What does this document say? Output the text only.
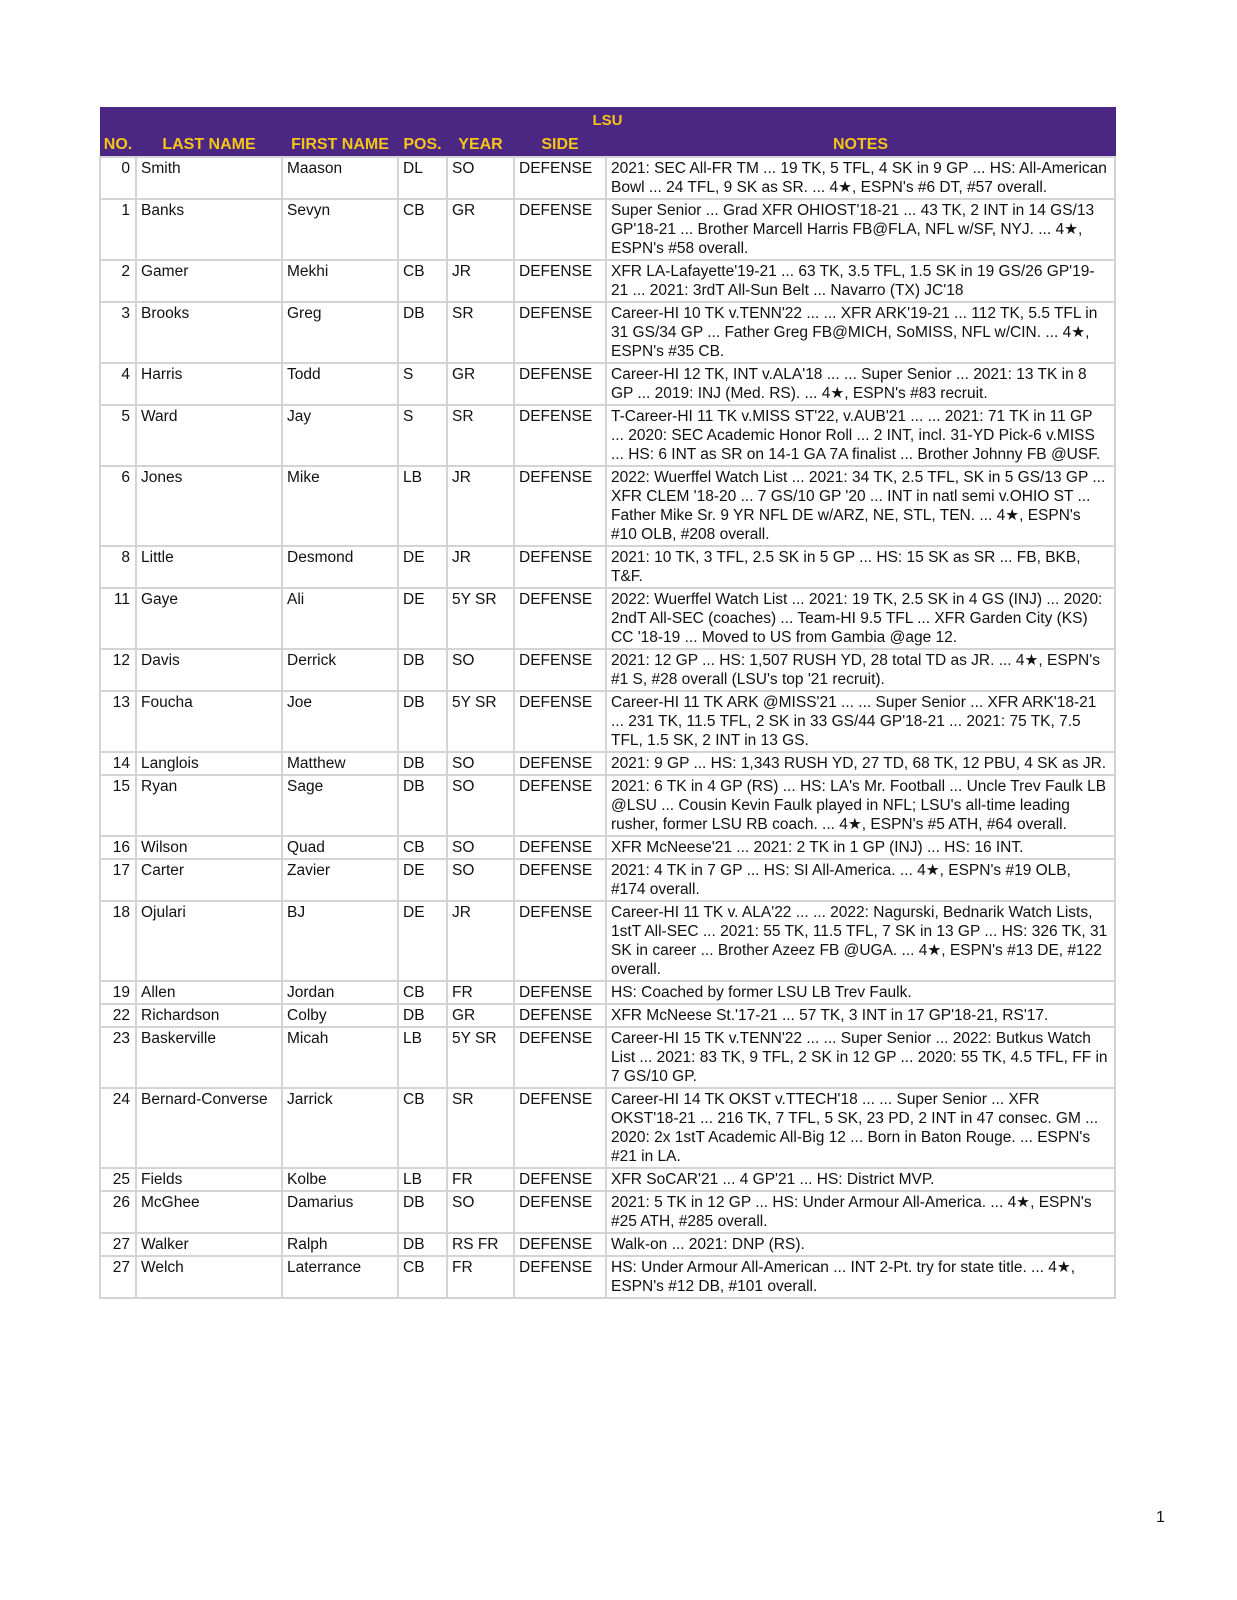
LSU						
NO.	LAST NAME	FIRST NAME	POS.	YEAR	SIDE	NOTES
0	Smith	Maason	DL	SO	DEFENSE	2021: SEC All-FR TM ... 19 TK, 5 TFL, 4 SK in 9 GP ... HS: All-American Bowl ... 24 TFL, 9 SK as SR. ... 4★, ESPN's #6 DT, #57 overall.
1	Banks	Sevyn	CB	GR	DEFENSE	Super Senior ... Grad XFR OHIOST'18-21 ... 43 TK, 2 INT in 14 GS/13 GP'18-21 ... Brother Marcell Harris FB@FLA, NFL w/SF, NYJ. ... 4★, ESPN's #58 overall.
2	Gamer	Mekhi	CB	JR	DEFENSE	XFR LA-Lafayette'19-21 ... 63 TK, 3.5 TFL, 1.5 SK in 19 GS/26 GP'19-21 ... 2021: 3rdT All-Sun Belt ... Navarro (TX) JC'18
3	Brooks	Greg	DB	SR	DEFENSE	Career-HI 10 TK v.TENN'22 ... ... XFR ARK'19-21 ... 112 TK, 5.5 TFL in 31 GS/34 GP ... Father Greg FB@MICH, SoMISS, NFL w/CIN. ... 4★, ESPN's #35 CB.
4	Harris	Todd	S	GR	DEFENSE	Career-HI 12 TK, INT v.ALA'18 ... ... Super Senior ... 2021: 13 TK in 8 GP ... 2019: INJ (Med. RS). ... 4★, ESPN's #83 recruit.
5	Ward	Jay	S	SR	DEFENSE	T-Career-HI 11 TK v.MISS ST'22, v.AUB'21 ... ... 2021: 71 TK in 11 GP ... 2020: SEC Academic Honor Roll ... 2 INT, incl. 31-YD Pick-6 v.MISS ... HS: 6 INT as SR on 14-1 GA 7A finalist ... Brother Johnny FB @USF.
6	Jones	Mike	LB	JR	DEFENSE	2022: Wuerffel Watch List ... 2021: 34 TK, 2.5 TFL, SK in 5 GS/13 GP ... XFR CLEM '18-20 ... 7 GS/10 GP '20 ... INT in natl semi v.OHIO ST ... Father Mike Sr. 9 YR NFL DE w/ARZ, NE, STL, TEN. ... 4★, ESPN's #10 OLB, #208 overall.
8	Little	Desmond	DE	JR	DEFENSE	2021: 10 TK, 3 TFL, 2.5 SK in 5 GP ... HS: 15 SK as SR ... FB, BKB, T&F.
11	Gaye	Ali	DE	5Y SR	DEFENSE	2022: Wuerffel Watch List ... 2021: 19 TK, 2.5 SK in 4 GS (INJ) ... 2020: 2ndT All-SEC (coaches) ... Team-HI 9.5 TFL ... XFR Garden City (KS) CC '18-19 ... Moved to US from Gambia @age 12.
12	Davis	Derrick	DB	SO	DEFENSE	2021: 12 GP ... HS: 1,507 RUSH YD, 28 total TD as JR. ... 4★, ESPN's #1 S, #28 overall (LSU's top '21 recruit).
13	Foucha	Joe	DB	5Y SR	DEFENSE	Career-HI 11 TK ARK @MISS'21 ... ... Super Senior ... XFR ARK'18-21 ... 231 TK, 11.5 TFL, 2 SK in 33 GS/44 GP'18-21 ... 2021: 75 TK, 7.5 TFL, 1.5 SK, 2 INT in 13 GS.
14	Langlois	Matthew	DB	SO	DEFENSE	2021: 9 GP ... HS: 1,343 RUSH YD, 27 TD, 68 TK, 12 PBU, 4 SK as JR.
15	Ryan	Sage	DB	SO	DEFENSE	2021: 6 TK in 4 GP (RS) ... HS: LA's Mr. Football ... Uncle Trev Faulk LB @LSU ... Cousin Kevin Faulk played in NFL; LSU's all-time leading rusher, former LSU RB coach. ... 4★, ESPN's #5 ATH, #64 overall.
16	Wilson	Quad	CB	SO	DEFENSE	XFR McNeese'21 ... 2021: 2 TK in 1 GP (INJ) ... HS: 16 INT.
17	Carter	Zavier	DE	SO	DEFENSE	2021: 4 TK in 7 GP ... HS: SI All-America. ... 4★, ESPN's #19 OLB, #174 overall.
18	Ojulari	BJ	DE	JR	DEFENSE	Career-HI 11 TK v. ALA'22 ... ... 2022: Nagurski, Bednarik Watch Lists, 1stT All-SEC ... 2021: 55 TK, 11.5 TFL, 7 SK in 13 GP ... HS: 326 TK, 31 SK in career ... Brother Azeez FB @UGA. ... 4★, ESPN's #13 DE, #122 overall.
19	Allen	Jordan	CB	FR	DEFENSE	HS: Coached by former LSU LB Trev Faulk.
22	Richardson	Colby	DB	GR	DEFENSE	XFR McNeese St.'17-21 ... 57 TK, 3 INT in 17 GP'18-21, RS'17.
23	Baskerville	Micah	LB	5Y SR	DEFENSE	Career-HI 15 TK v.TENN'22 ... ... Super Senior ... 2022: Butkus Watch List ... 2021: 83 TK, 9 TFL, 2 SK in 12 GP ... 2020: 55 TK, 4.5 TFL, FF in 7 GS/10 GP.
24	Bernard-Converse	Jarrick	CB	SR	DEFENSE	Career-HI 14 TK OKST v.TTECH'18 ... ... Super Senior ... XFR OKST'18-21 ... 216 TK, 7 TFL, 5 SK, 23 PD, 2 INT in 47 consec. GM ... 2020: 2x 1stT Academic All-Big 12 ... Born in Baton Rouge. ... ESPN's #21 in LA.
25	Fields	Kolbe	LB	FR	DEFENSE	XFR SoCAR'21 ... 4 GP'21 ... HS: District MVP.
26	McGhee	Damarius	DB	SO	DEFENSE	2021: 5 TK in 12 GP ... HS: Under Armour All-America. ... 4★, ESPN's #25 ATH, #285 overall.
27	Walker	Ralph	DB	RS FR	DEFENSE	Walk-on ... 2021: DNP (RS).
27	Welch	Laterrance	CB	FR	DEFENSE	HS: Under Armour All-American ... INT 2-Pt. try for state title. ... 4★, ESPN's #12 DB, #101 overall.
1
